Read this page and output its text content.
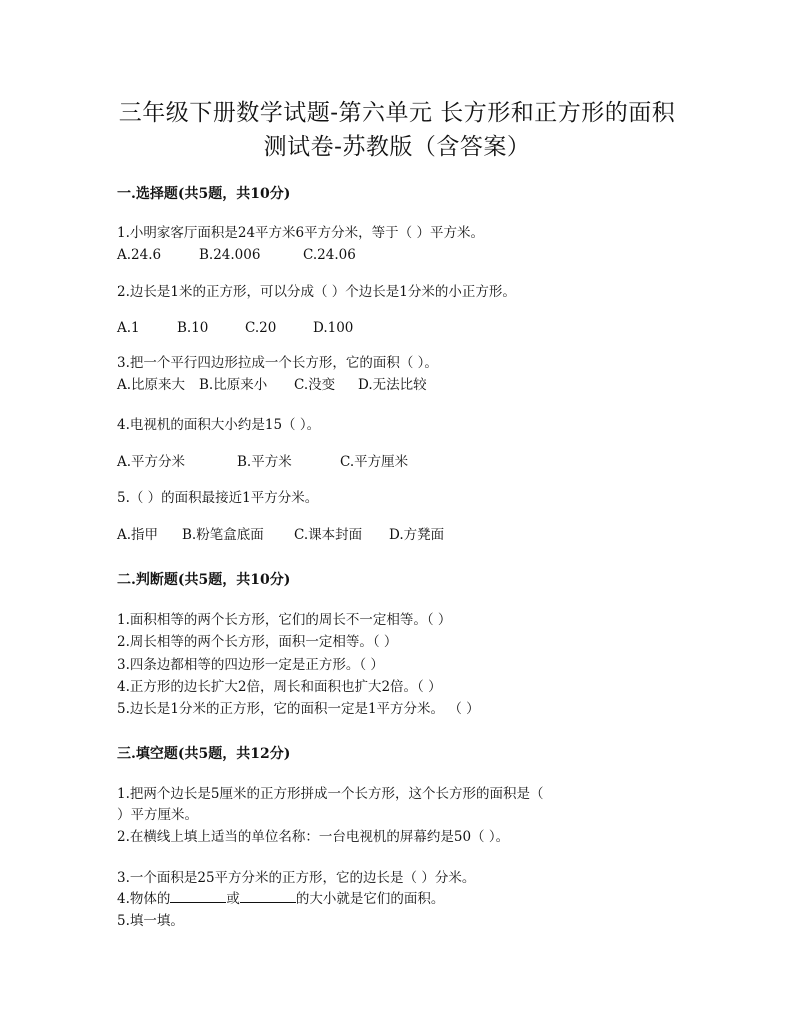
三年级下册数学试题-第六单元 长方形和正方形的面积
测试卷-苏教版（含答案）
一.选择题(共5题，共10分)
1.小明家客厅面积是24平方米6平方分米，等于（ ）平方米。
A.24.6	B.24.006	C.24.06
2.边长是1米的正方形，可以分成（ ）个边长是1分米的小正方形。
A.1	B.10	C.20	D.100
3.把一个平行四边形拉成一个长方形，它的面积（ ）。
A.比原来大 B.比原来小 C.没变 D.无法比较
4.电视机的面积大小约是15（ ）。
A.平方分米	B.平方米	C.平方厘米
5.（ ）的面积最接近1平方分米。
A.指甲 B.粉笔盒底面 C.课本封面 D.方凳面
二.判断题(共5题，共10分)
1.面积相等的两个长方形，它们的周长不一定相等。（ ）
2.周长相等的两个长方形，面积一定相等。（ ）
3.四条边都相等的四边形一定是正方形。（ ）
4.正方形的边长扩大2倍，周长和面积也扩大2倍。（ ）
5.边长是1分米的正方形，它的面积一定是1平方分米。 （ ）
三.填空题(共5题，共12分)
1.把两个边长是5厘米的正方形拼成一个长方形，这个长方形的面积是（
）平方厘米。
2.在横线上填上适当的单位名称：一台电视机的屏幕约是50（ ）。
3.一个面积是25平方分米的正方形，它的边长是（ ）分米。
4.物体的	或	的大小就是它们的面积。
5.填一填。
